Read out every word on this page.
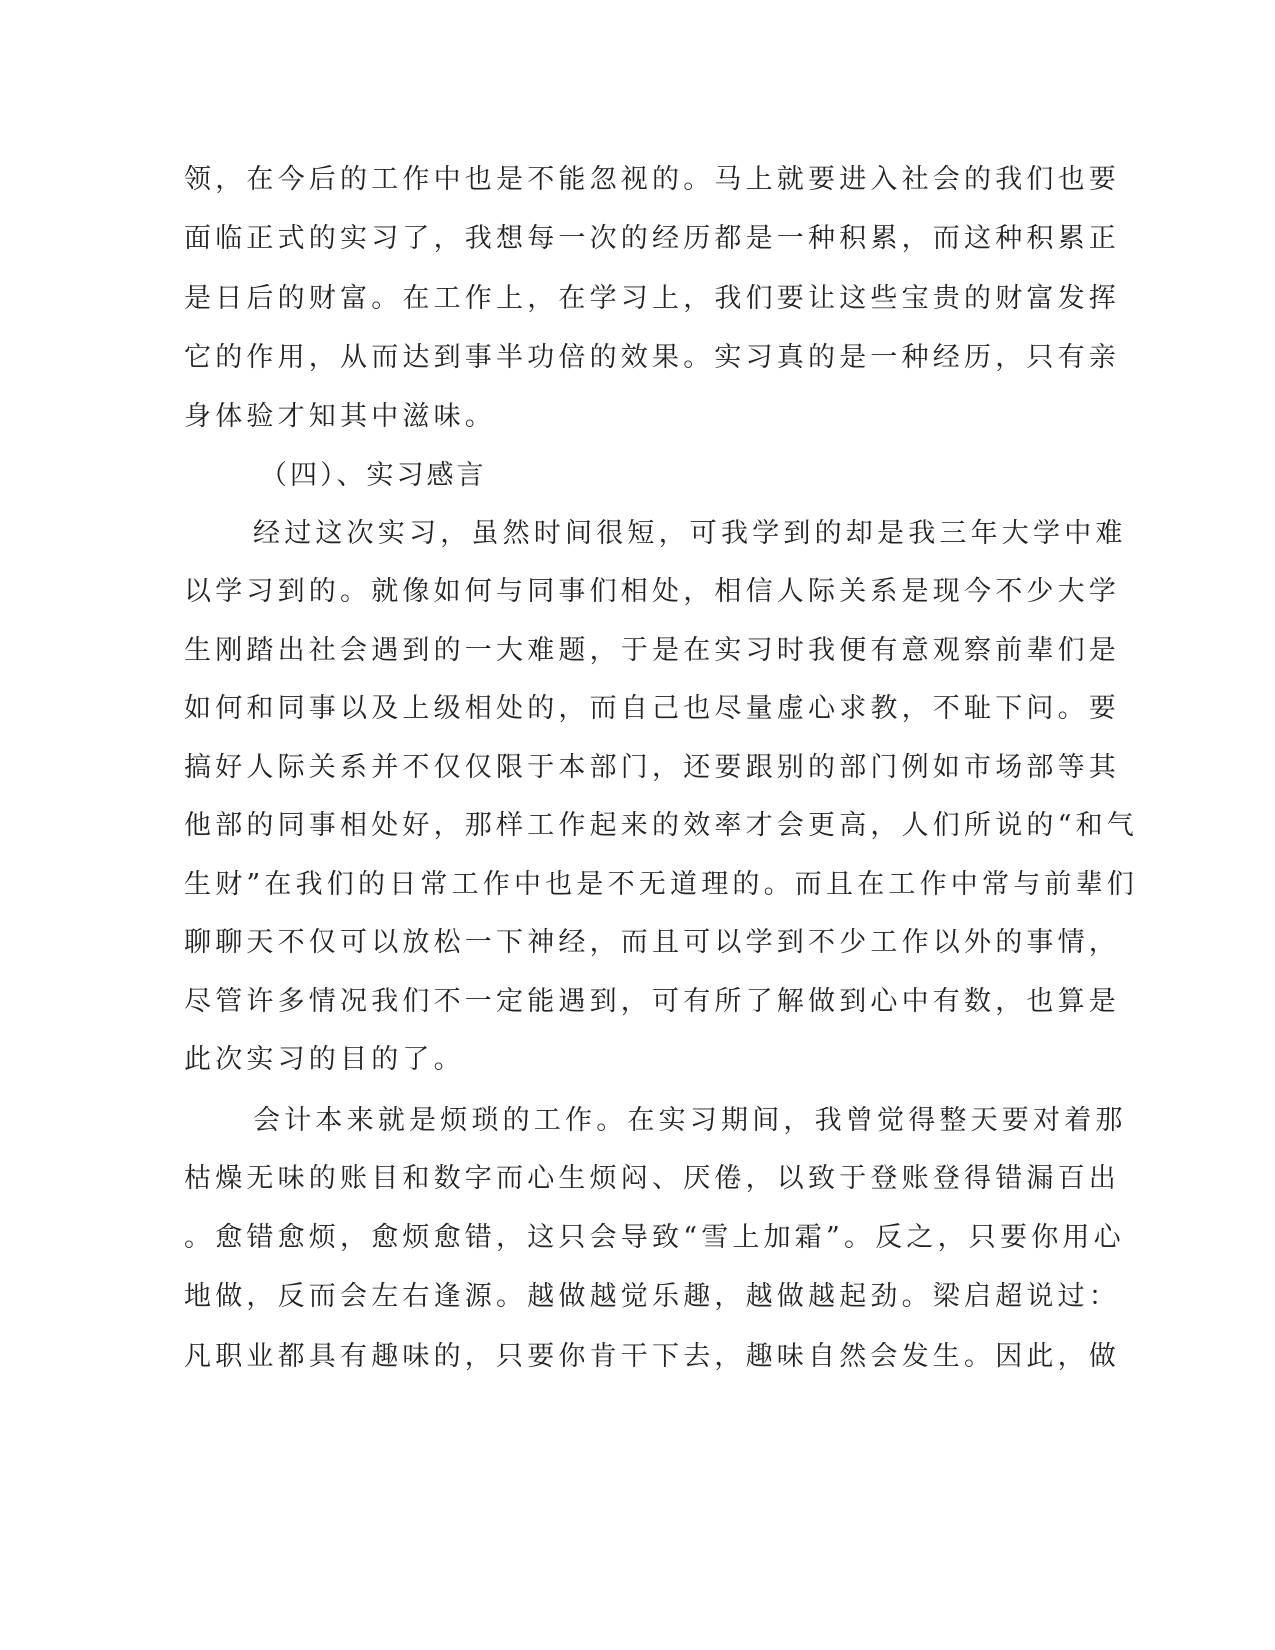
领，在今后的工作中也是不能忽视的。马上就要进入社会的我们也要
面临正式的实习了，我想每一次的经历都是一种积累，而这种积累正
是日后的财富。在工作上，在学习上，我们要让这些宝贵的财富发挥
它的作用，从而达到事半功倍的效果。实习真的是一种经历，只有亲
身体验才知其中滋味。
（四）、实习感言
经过这次实习，虽然时间很短，可我学到的却是我三年大学中难
以学习到的。就像如何与同事们相处，相信人际关系是现今不少大学
生刚踏出社会遇到的一大难题，于是在实习时我便有意观察前辈们是
如何和同事以及上级相处的，而自己也尽量虚心求教，不耻下问。要
搞好人际关系并不仅仅限于本部门，还要跟别的部门例如市场部等其
他部的同事相处好，那样工作起来的效率才会更高，人们所说的“和气
生财”在我们的日常工作中也是不无道理的。而且在工作中常与前辈们
聊聊天不仅可以放松一下神经，而且可以学到不少工作以外的事情，
尽管许多情况我们不一定能遇到，可有所了解做到心中有数，也算是
此次实习的目的了。
会计本来就是烦琐的工作。在实习期间，我曾觉得整天要对着那
枯燥无味的账目和数字而心生烦闷、厌倦，以致于登账登得错漏百出
。愈错愈烦，愈烦愈错，这只会导致“雪上加霜”。反之，只要你用心
地做，反而会左右逢源。越做越觉乐趣，越做越起劲。梁启超说过：
凡职业都具有趣味的，只要你肯干下去，趣味自然会发生。因此，做
